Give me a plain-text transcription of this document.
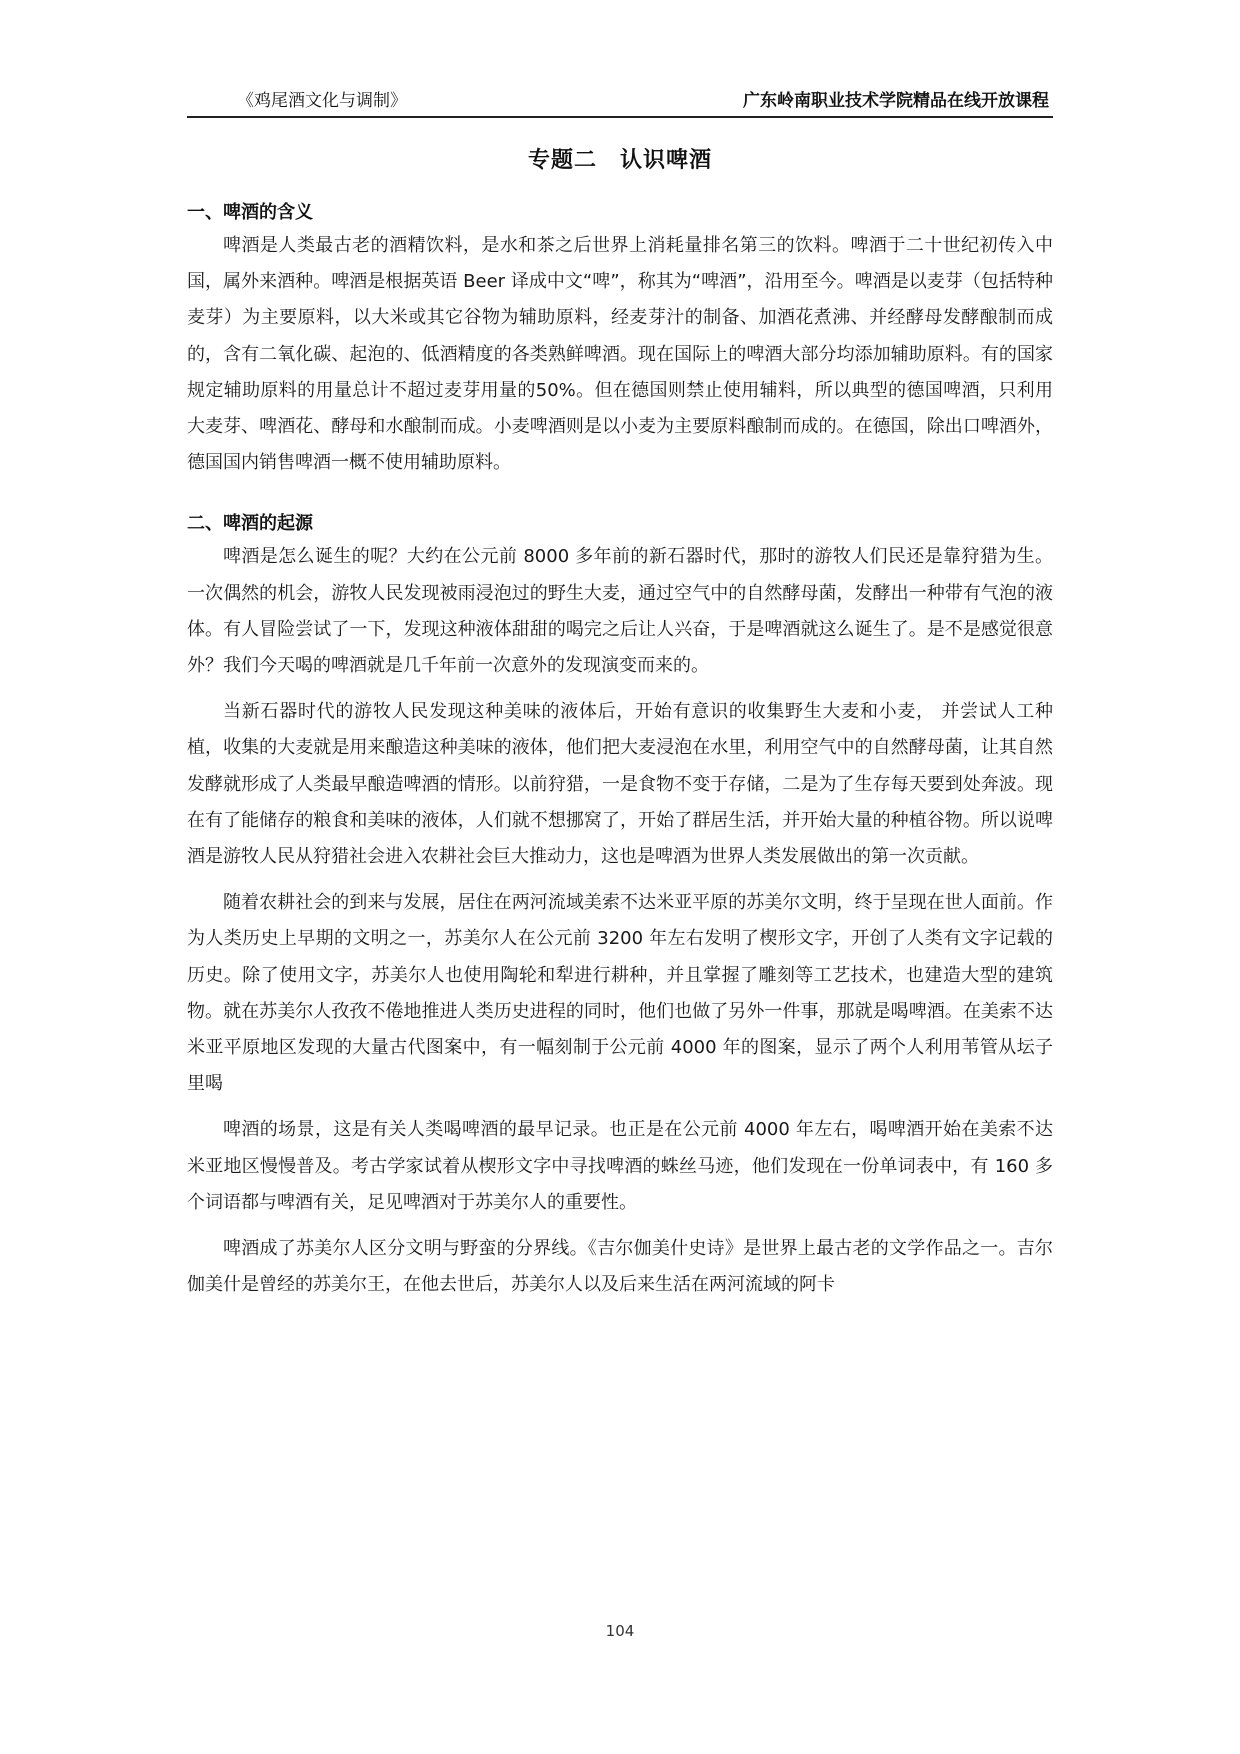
《鸡尾酒文化与调制》	广东岭南职业技术学院精品在线开放课程
专题二　认识啤酒

一、啤酒的含义

啤酒是人类最古老的酒精饮料，是水和茶之后世界上消耗量排名第三的饮料。啤酒于二十世纪初传入中国，属外来酒种。啤酒是根据英语 Beer 译成中文“啤”，称其为“啤酒”，沿用至今。啤酒是以麦芽（包括特种麦芽）为主要原料，以大米或其它谷物为辅助原料，经麦芽汁的制备、加酒花煮沸、并经酵母发酵酿制而成的，含有二氧化碳、起泡的、低酒精度的各类熟鲜啤酒。现在国际上的啤酒大部分均添加辅助原料。有的国家规定辅助原料的用量总计不超过麦芽用量的50%。但在德国则禁止使用辅料，所以典型的德国啤酒，只利用大麦芽、啤酒花、酵母和水酿制而成。小麦啤酒则是以小麦为主要原料酿制而成的。在德国，除出口啤酒外，德国国内销售啤酒一概不使用辅助原料。

二、啤酒的起源

啤酒是怎么诞生的呢？大约在公元前 8000 多年前的新石器时代，那时的游牧人们民还是靠狩猎为生。 一次偶然的机会，游牧人民发现被雨浸泡过的野生大麦，通过空气中的自然酵母菌，发酵出一种带有气泡的液体。有人冒险尝试了一下，发现这种液体甜甜的喝完之后让人兴奋，于是啤酒就这么诞生了。是不是感觉很意外？我们今天喝的啤酒就是几千年前一次意外的发现演变而来的。

当新石器时代的游牧人民发现这种美味的液体后，开始有意识的收集野生大麦和小麦， 并尝试人工种植，收集的大麦就是用来酿造这种美味的液体，他们把大麦浸泡在水里，利用空气中的自然酵母菌，让其自然发酵就形成了人类最早酿造啤酒的情形。以前狩猎，一是食物不变于存储，二是为了生存每天要到处奔波。现在有了能储存的粮食和美味的液体，人们就不想挪窝了，开始了群居生活，并开始大量的种植谷物。所以说啤酒是游牧人民从狩猎社会进入农耕社会巨大推动力，这也是啤酒为世界人类发展做出的第一次贡献。

随着农耕社会的到来与发展，居住在两河流域美索不达米亚平原的苏美尔文明，终于呈现在世人面前。作为人类历史上早期的文明之一，苏美尔人在公元前 3200 年左右发明了楔形文字，开创了人类有文字记载的历史。除了使用文字，苏美尔人也使用陶轮和犁进行耕种，并且掌握了雕刻等工艺技术，也建造大型的建筑物。就在苏美尔人孜孜不倦地推进人类历史进程的同时，他们也做了另外一件事，那就是喝啤酒。在美索不达米亚平原地区发现的大量古代图案中，有一幅刻制于公元前 4000 年的图案，显示了两个人利用苇管从坛子里喝

啤酒的场景，这是有关人类喝啤酒的最早记录。也正是在公元前 4000 年左右，喝啤酒开始在美索不达米亚地区慢慢普及。考古学家试着从楔形文字中寻找啤酒的蛛丝马迹，他们发现在一份单词表中，有 160 多个词语都与啤酒有关，足见啤酒对于苏美尔人的重要性。

啤酒成了苏美尔人区分文明与野蛮的分界线。《吉尔伽美什史诗》是世界上最古老的文学作品之一。吉尔伽美什是曾经的苏美尔王，在他去世后，苏美尔人以及后来生活在两河流域的阿卡

104
